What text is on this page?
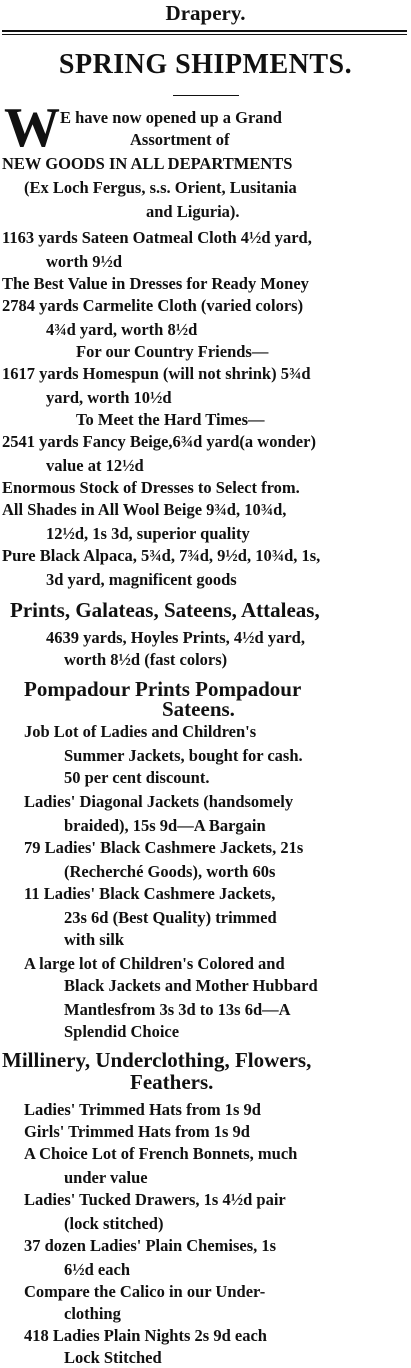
Drapery.
SPRING SHIPMENTS.
W E have now opened up a Grand
Assortment of
NEW GOODS IN ALL DEPARTMENTS
(Ex Loch Fergus, s.s. Orient, Lusitania
and Liguria).
1163 yards Sateen Oatmeal Cloth 4½d yard,
worth 9½d
The Best Value in Dresses for Ready Money
2784 yards Carmelite Cloth (varied colors)
4¾d yard, worth 8½d
For our Country Friends—
1617 yards Homespun (will not shrink) 5¾d
yard, worth 10½d
To Meet the Hard Times—
2541 yards Fancy Beige,6¾d yard(a wonder)
value at 12½d
Enormous Stock of Dresses to Select from.
All Shades in All Wool Beige 9¾d, 10¾d,
12½d, 1s 3d, superior quality
Pure Black Alpaca, 5¾d, 7¾d, 9½d, 10¾d, 1s,
3d yard, magnificent goods
Prints, Galateas, Sateens, Attaleas,
4639 yards, Hoyles Prints, 4½d yard,
worth 8½d (fast colors)
Pompadour Prints Pompadour
Sateens.
Job Lot of Ladies and Children's
Summer Jackets, bought for cash.
50 per cent discount.
Ladies' Diagonal Jackets (handsomely
braided), 15s 9d—A Bargain
79 Ladies' Black Cashmere Jackets, 21s
(Recherché Goods), worth 60s
11 Ladies' Black Cashmere Jackets,
23s 6d (Best Quality) trimmed
with silk
A large lot of Children's Colored and
Black Jackets and Mother Hubbard
Mantlesfrom 3s 3d to 13s 6d—A
Splendid Choice
Millinery, Underclothing, Flowers,
Feathers.
Ladies' Trimmed Hats from 1s 9d
Girls' Trimmed Hats from 1s 9d
A Choice Lot of French Bonnets, much
under value
Ladies' Tucked Drawers, 1s 4½d pair
(lock stitched)
37 dozen Ladies' Plain Chemises, 1s
6½d each
Compare the Calico in our Under-
clothing
418 Ladies Plain Nights 2s 9d each
Lock Stitched
